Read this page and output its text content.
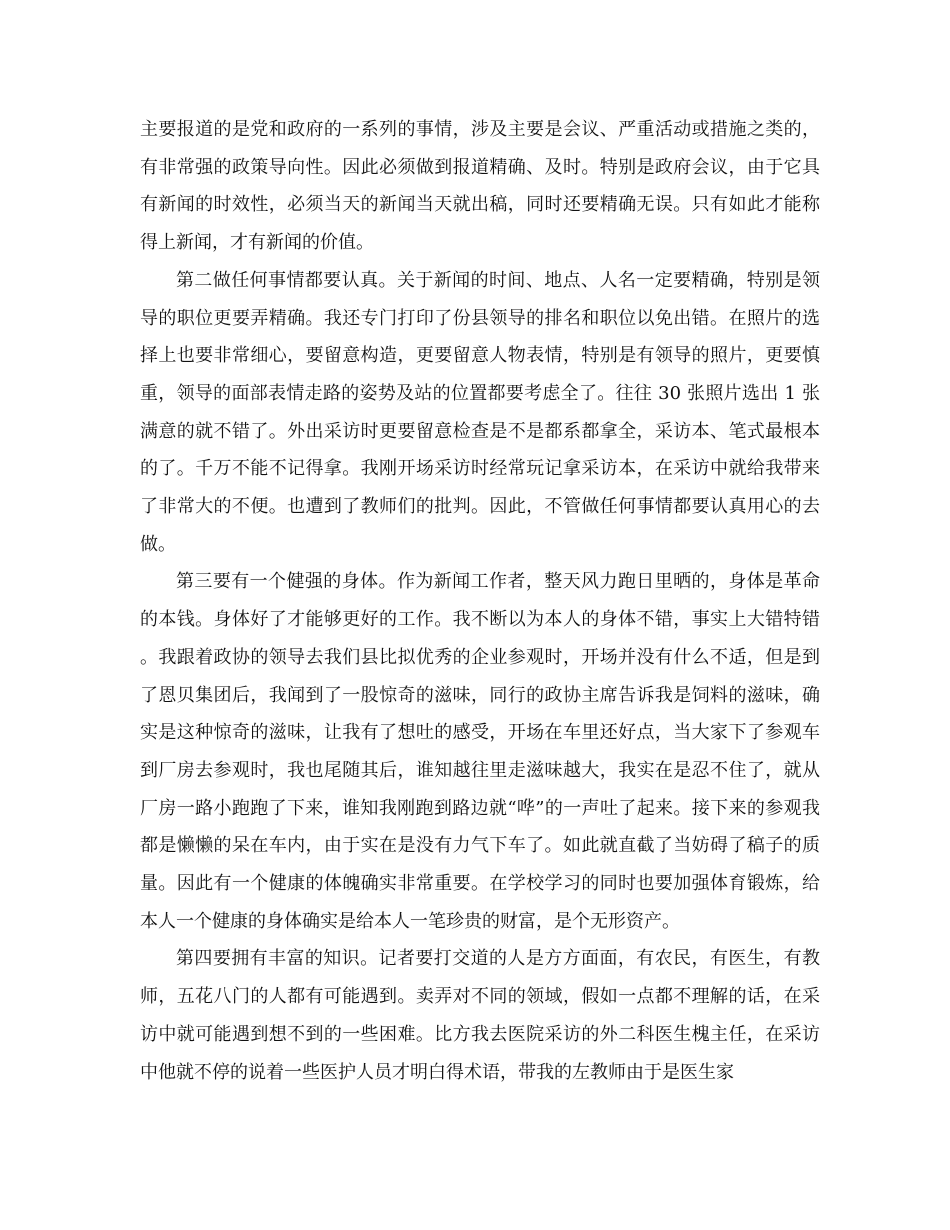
主要报道的是党和政府的一系列的事情，涉及主要是会议、严重活动或措施之类的，有非常强的政策导向性。因此必须做到报道精确、及时。特别是政府会议，由于它具有新闻的时效性，必须当天的新闻当天就出稿，同时还要精确无误。只有如此才能称得上新闻，才有新闻的价值。

第二做任何事情都要认真。关于新闻的时间、地点、人名一定要精确，特别是领导的职位更要弄精确。我还专门打印了份县领导的排名和职位以免出错。在照片的选择上也要非常细心，要留意构造，更要留意人物表情，特别是有领导的照片，更要慎重，领导的面部表情走路的姿势及站的位置都要考虑全了。往往 30 张照片选出 1 张满意的就不错了。外出采访时更要留意检查是不是都系都拿全，采访本、笔式最根本的了。千万不能不记得拿。我刚开场采访时经常玩记拿采访本，在采访中就给我带来了非常大的不便。也遭到了教师们的批判。因此，不管做任何事情都要认真用心的去做。

第三要有一个健强的身体。作为新闻工作者，整天风力跑日里晒的，身体是革命的本钱。身体好了才能够更好的工作。我不断以为本人的身体不错，事实上大错特错。我跟着政协的领导去我们县比拟优秀的企业参观时，开场并没有什么不适，但是到了恩贝集团后，我闻到了一股惊奇的滋味，同行的政协主席告诉我是饲料的滋味，确实是这种惊奇的滋味，让我有了想吐的感受，开场在车里还好点，当大家下了参观车到厂房去参观时，我也尾随其后，谁知越往里走滋味越大，我实在是忍不住了，就从厂房一路小跑跑了下来，谁知我刚跑到路边就“哗”的一声吐了起来。接下来的参观我都是懒懒的呆在车内，由于实在是没有力气下车了。如此就直截了当妨碍了稿子的质量。因此有一个健康的体魄确实非常重要。在学校学习的同时也要加强体育锻炼，给本人一个健康的身体确实是给本人一笔珍贵的财富，是个无形资产。

第四要拥有丰富的知识。记者要打交道的人是方方面面，有农民，有医生，有教师，五花八门的人都有可能遇到。卖弄对不同的领域，假如一点都不理解的话，在采访中就可能遇到想不到的一些困难。比方我去医院采访的外二科医生槐主任，在采访中他就不停的说着一些医护人员才明白得术语，带我的左教师由于是医生家
